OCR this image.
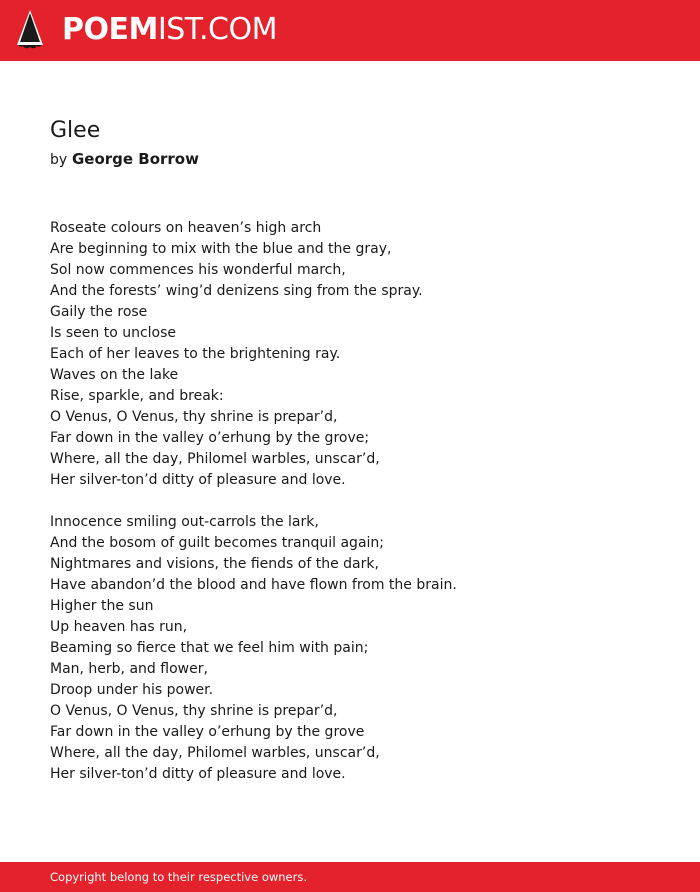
POEMIST.COM
Glee
by George Borrow
Roseate colours on heaven’s high arch
Are beginning to mix with the blue and the gray,
Sol now commences his wonderful march,
And the forests’ wing’d denizens sing from the spray.
Gaily the rose
Is seen to unclose
Each of her leaves to the brightening ray.
Waves on the lake
Rise, sparkle, and break:
O Venus, O Venus, thy shrine is prepar’d,
Far down in the valley o’erhung by the grove;
Where, all the day, Philomel warbles, unscar’d,
Her silver-ton’d ditty of pleasure and love.
Innocence smiling out-carrols the lark,
And the bosom of guilt becomes tranquil again;
Nightmares and visions, the fiends of the dark,
Have abandon’d the blood and have flown from the brain.
Higher the sun
Up heaven has run,
Beaming so fierce that we feel him with pain;
Man, herb, and flower,
Droop under his power.
O Venus, O Venus, thy shrine is prepar’d,
Far down in the valley o’erhung by the grove
Where, all the day, Philomel warbles, unscar’d,
Her silver-ton’d ditty of pleasure and love.
Copyright belong to their respective owners.
